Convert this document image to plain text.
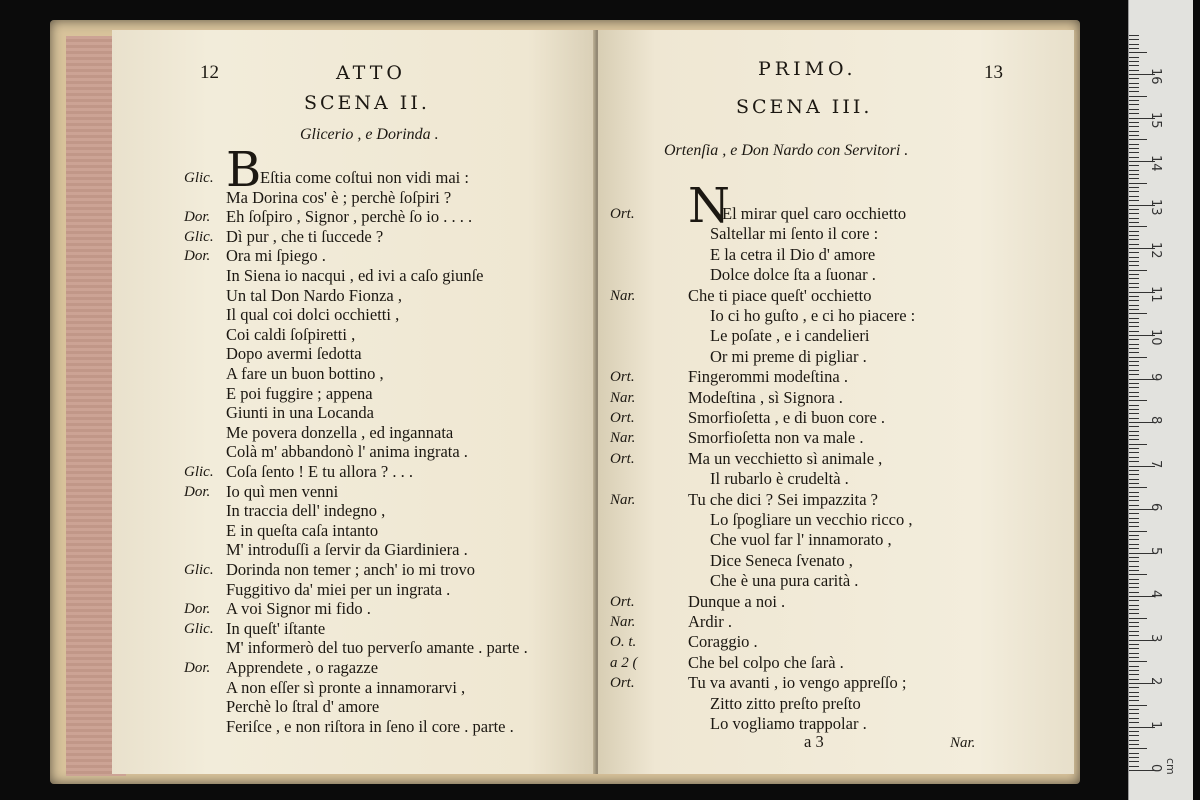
12	ATTO
SCENA II.
Glicerio , e Dorinda .
Glic. B
Eſtia come coſtui non vidi mai :
Ma Dorina cos' è ; perchè ſoſpiri ?
Dor. Eh ſoſpiro , Signor , perchè ſo io . . . .
Glic. Dì pur , che ti ſuccede ?
Dor. Ora mi ſpiego .
In Siena io nacqui , ed ivi a caſo giunſe
Un tal Don Nardo Fionza ,
Il qual coi dolci occhietti ,
Coi caldi ſoſpiretti ,
Dopo avermi ſedotta
A fare un buon bottino ,
E poi fuggire ; appena
Giunti in una Locanda
Me povera donzella , ed ingannata
Colà m' abbandonò l' anima ingrata .
Glic. Coſa ſento ! E tu allora ? . . .
Dor. Io quì men venni
In traccia dell' indegno ,
E in queſta caſa intanto
M' introduſſi a ſervir da Giardiniera .
Glic. Dorinda non temer ; anch' io mi trovo
Fuggitivo da' miei per un ingrata .
Dor. A voi Signor mi fido .
Glic. In queſt' iſtante
M' informerò del tuo perverſo amante . parte .
Dor. Apprendete , o ragazze
A non eſſer sì pronte a innamorarvi ,
Perchè lo ſtral d' amore
Feriſce , e non riſtora in ſeno il core . parte .
PRIMO.	13
SCENA III.
Ortenſia , e Don Nardo con Servitori .
Ort. N
El mirar quel caro occhietto
Saltellar mi ſento il core :
E la cetra il Dio d' amore
Dolce dolce ſta a ſuonar .
Nar.	Che ti piace queſt' occhietto
Io ci ho guſto , e ci ho piacere :
Le poſate , e i candelieri
Or mi preme di pigliar .
Ort.	Fingerommi modeſtina .
Nar.	Modeſtina , sì Signora .
Ort.	Smorfioſetta , e di buon core .
Nar.	Smorfioſetta non va male .
Ort.	Ma un vecchietto sì animale ,
Il rubarlo è crudeltà .
Nar.	Tu che dici ? Sei impazzita ?
Lo ſpogliare un vecchio ricco ,
Che vuol far l' innamorato ,
Dice Seneca ſvenato ,
Che è una pura carità .
Ort.	Dunque a noi .
Nar.	Ardir .
O. t.	Coraggio .
a 2 (	Che bel colpo che ſarà .
Ort.	Tu va avanti , io vengo appreſſo ;
Zitto zitto preſto preſto
Lo vogliamo trappolar .
a 3	Nar.
cm
0
1
2
3
4
5
6
7
8
9
10
11
12
13
14
15
16
